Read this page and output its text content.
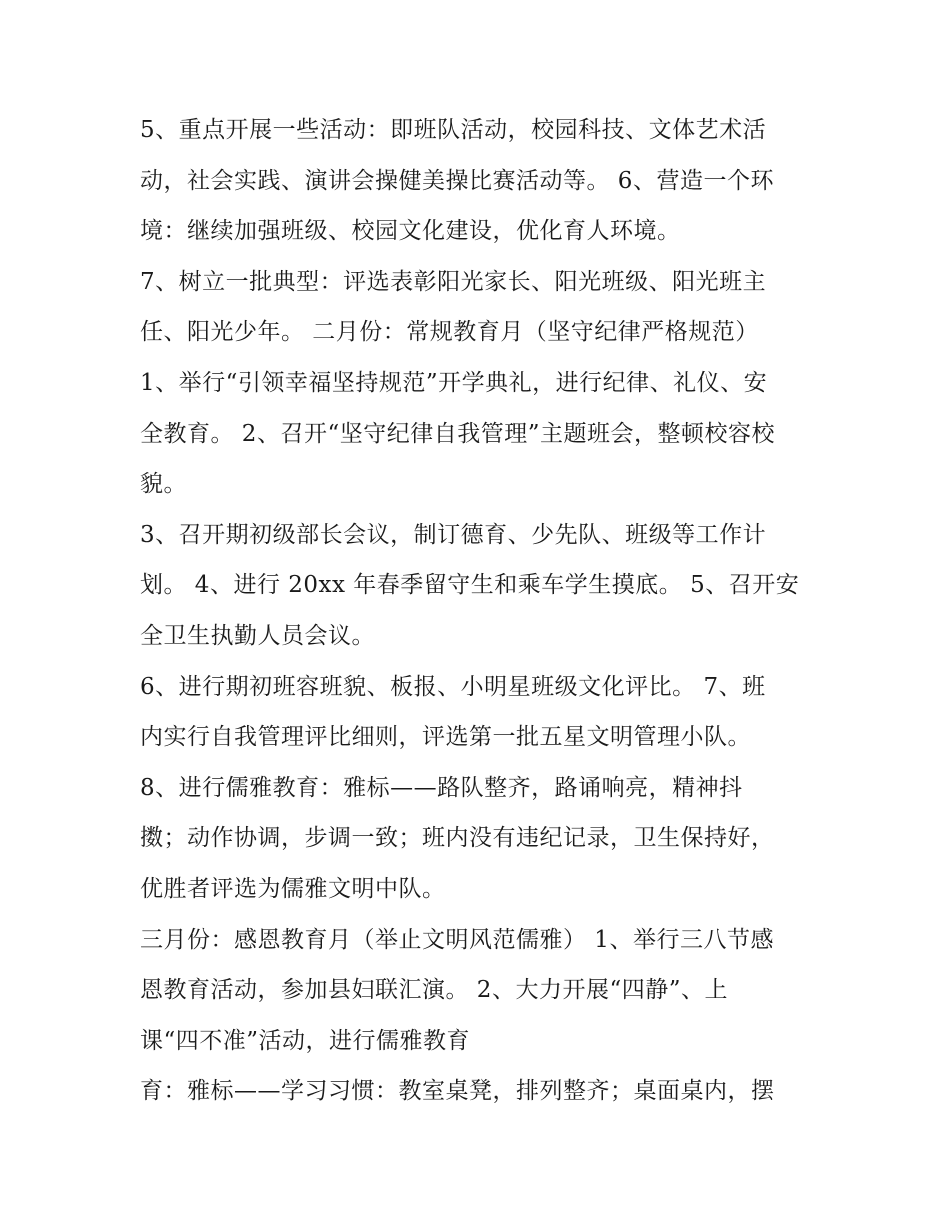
5、重点开展一些活动：即班队活动，校园科技、文体艺术活
动，社会实践、演讲会操健美操比赛活动等。 6、营造一个环
境：继续加强班级、校园文化建设，优化育人环境。
7、树立一批典型：评选表彰阳光家长、阳光班级、阳光班主
任、阳光少年。 二月份：常规教育月（坚守纪律严格规范）
1、举行“引领幸福坚持规范”开学典礼，进行纪律、礼仪、安
全教育。 2、召开“坚守纪律自我管理”主题班会，整顿校容校
貌。
3、召开期初级部长会议，制订德育、少先队、班级等工作计
划。 4、进行 20xx 年春季留守生和乘车学生摸底。 5、召开安
全卫生执勤人员会议。
6、进行期初班容班貌、板报、小明星班级文化评比。 7、班
内实行自我管理评比细则，评选第一批五星文明管理小队。
8、进行儒雅教育：雅标——路队整齐，路诵响亮，精神抖
擞；动作协调，步调一致；班内没有违纪记录，卫生保持好，
优胜者评选为儒雅文明中队。
三月份：感恩教育月（举止文明风范儒雅） 1、举行三八节感
恩教育活动，参加县妇联汇演。 2、大力开展“四静”、上
课“四不准”活动，进行儒雅教育
育：雅标——学习习惯：教室桌凳，排列整齐；桌面桌内，摆
